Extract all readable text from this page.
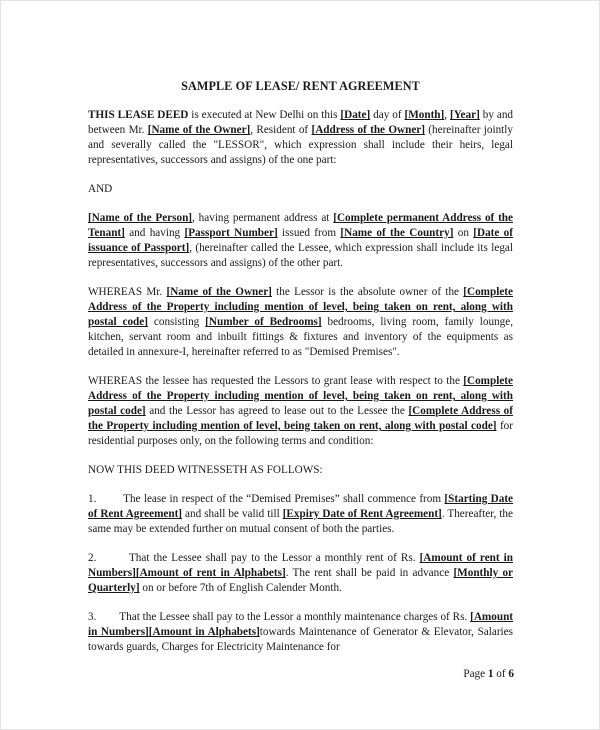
SAMPLE OF LEASE/ RENT AGREEMENT
THIS LEASE DEED is executed at New Delhi on this [Date] day of [Month], [Year] by and between Mr. [Name of the Owner], Resident of [Address of the Owner] (hereinafter jointly and severally called the "LESSOR", which expression shall include their heirs, legal representatives, successors and assigns) of the one part:
AND
[Name of the Person], having permanent address at [Complete permanent Address of the Tenant] and having [Passport Number] issued from [Name of the Country] on [Date of issuance of Passport], (hereinafter called the Lessee, which expression shall include its legal representatives, successors and assigns) of the other part.
WHEREAS Mr. [Name of the Owner] the Lessor is the absolute owner of the [Complete Address of the Property including mention of level, being taken on rent, along with postal code] consisting [Number of Bedrooms] bedrooms, living room, family lounge, kitchen, servant room and inbuilt fittings & fixtures and inventory of the equipments as detailed in annexure-I, hereinafter referred to as "Demised Premises".
WHEREAS the lessee has requested the Lessors to grant lease with respect to the [Complete Address of the Property including mention of level, being taken on rent, along with postal code] and the Lessor has agreed to lease out to the Lessee the [Complete Address of the Property including mention of level, being taken on rent, along with postal code] for residential purposes only, on the following terms and condition:
NOW THIS DEED WITNESSETH AS FOLLOWS:
1. The lease in respect of the “Demised Premises” shall commence from [Starting Date of Rent Agreement] and shall be valid till [Expiry Date of Rent Agreement]. Thereafter, the same may be extended further on mutual consent of both the parties.
2.	That the Lessee shall pay to the Lessor a monthly rent of Rs. [Amount of rent in Numbers][Amount of rent in Alphabets]. The rent shall be paid in advance [Monthly or Quarterly] on or before 7th of English Calender Month.
3. That the Lessee shall pay to the Lessor a monthly maintenance charges of Rs. [Amount in Numbers][Amount in Alphabets]towards Maintenance of Generator & Elevator, Salaries towards guards, Charges for Electricity Maintenance for
Page 1 of 6
